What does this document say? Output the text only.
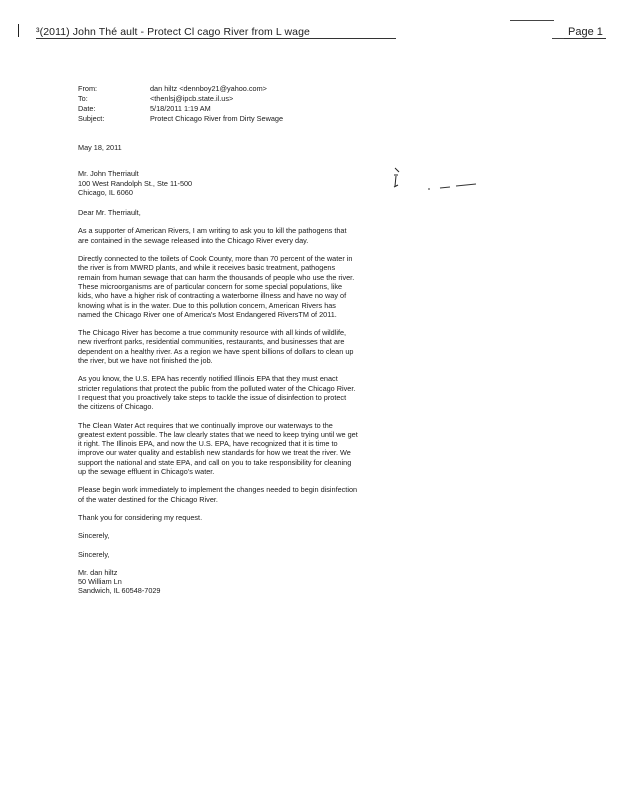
³(2011) John Thé ault - Protect Cl cago River from L wage	Page 1
From:	dan hiltz <dennboy21@yahoo.com>
To:	<thenlsj@ipcb.state.il.us>
Date:	5/18/2011 1:19 AM
Subject:	Protect Chicago River from Dirty Sewage

May 18, 2011

Mr. John Therriault
100 West Randolph St., Ste 11-500
Chicago, IL 6060

Dear Mr. Therriault,

As a supporter of American Rivers, I am writing to ask you to kill the pathogens that are contained in the sewage released into the Chicago River every day.

Directly connected to the toilets of Cook County, more than 70 percent of the water in the river is from MWRD plants, and while it receives basic treatment, pathogens remain from human sewage that can harm the thousands of people who use the river. These microorganisms are of particular concern for some special populations, like kids, who have a higher risk of contracting a waterborne illness and have no way of knowing what is in the water. Due to this pollution concern, American Rivers has named the Chicago River one of America's Most Endangered RiversTM of 2011.

The Chicago River has become a true community resource with all kinds of wildlife, new riverfront parks, residential communities, restaurants, and businesses that are dependent on a healthy river. As a region we have spent billions of dollars to clean up the river, but we have not finished the job.

As you know, the U.S. EPA has recently notified Illinois EPA that they must enact stricter regulations that protect the public from the polluted water of the Chicago River. I request that you proactively take steps to tackle the issue of disinfection to protect the citizens of Chicago.

The Clean Water Act requires that we continually improve our waterways to the greatest extent possible. The law clearly states that we need to keep trying until we get it right. The Illinois EPA, and now the U.S. EPA, have recognized that it is time to improve our water quality and establish new standards for how we treat the river. We support the national and state EPA, and call on you to take responsibility for cleaning up the sewage effluent in Chicago's water.

Please begin work immediately to implement the changes needed to begin disinfection of the water destined for the Chicago River.

Thank you for considering my request.

Sincerely,

Sincerely,

Mr. dan hiltz
50 William Ln
Sandwich, IL 60548-7029
